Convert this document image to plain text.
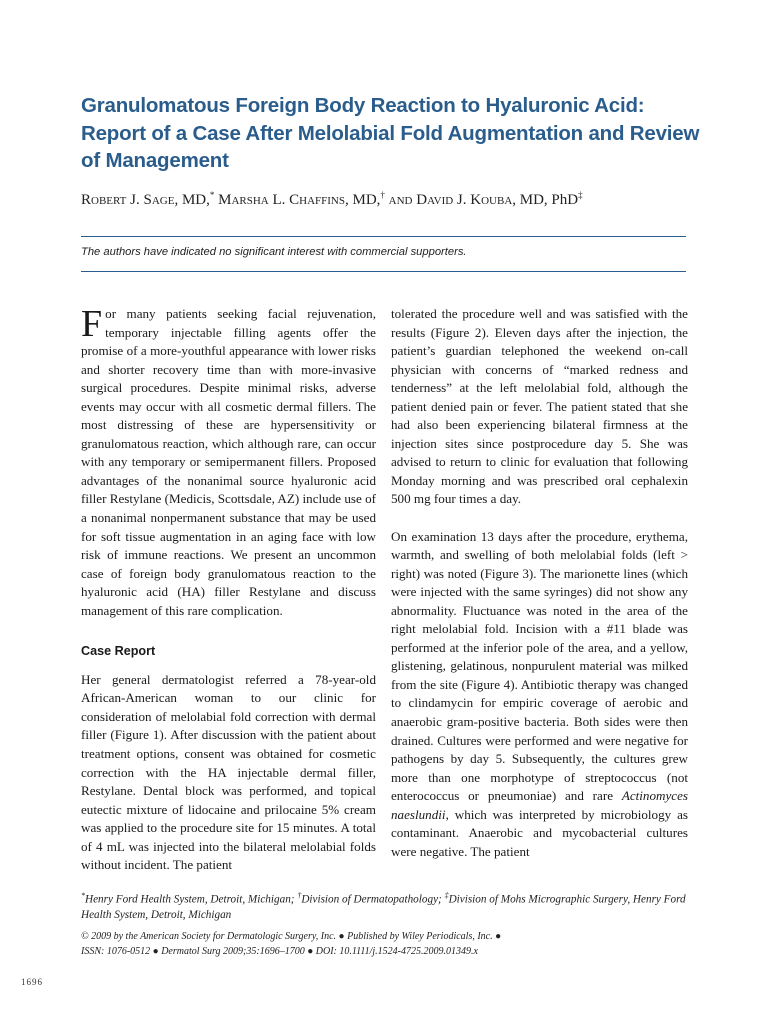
Granulomatous Foreign Body Reaction to Hyaluronic Acid: Report of a Case After Melolabial Fold Augmentation and Review of Management
Robert J. Sage, MD,* Marsha L. Chaffins, MD,† and David J. Kouba, MD, PhD‡
The authors have indicated no significant interest with commercial supporters.

For many patients seeking facial rejuvenation, temporary injectable filling agents offer the promise of a more-youthful appearance with lower risks and shorter recovery time than with more-invasive surgical procedures. Despite minimal risks, adverse events may occur with all cosmetic dermal fillers. The most distressing of these are hypersensitivity or granulomatous reaction, which although rare, can occur with any temporary or semipermanent fillers. Proposed advantages of the nonanimal source hyaluronic acid filler Restylane (Medicis, Scottsdale, AZ) include use of a nonanimal nonpermanent substance that may be used for soft tissue augmentation in an aging face with low risk of immune reactions. We present an uncommon case of foreign body granulomatous reaction to the hyaluronic acid (HA) filler Restylane and discuss management of this rare complication.

Case Report

Her general dermatologist referred a 78-year-old African-American woman to our clinic for consideration of melolabial fold correction with dermal filler (Figure 1). After discussion with the patient about treatment options, consent was obtained for cosmetic correction with the HA injectable dermal filler, Restylane. Dental block was performed, and topical eutectic mixture of lidocaine and prilocaine 5% cream was applied to the procedure site for 15 minutes. A total of 4 mL was injected into the bilateral melolabial folds without incident. The patient

tolerated the procedure well and was satisfied with the results (Figure 2). Eleven days after the injection, the patient’s guardian telephoned the weekend on-call physician with concerns of “marked redness and tenderness” at the left melolabial fold, although the patient denied pain or fever. The patient stated that she had also been experiencing bilateral firmness at the injection sites since postprocedure day 5. She was advised to return to clinic for evaluation that following Monday morning and was prescribed oral cephalexin 500 mg four times a day.

On examination 13 days after the procedure, erythema, warmth, and swelling of both melolabial folds (left > right) was noted (Figure 3). The marionette lines (which were injected with the same syringes) did not show any abnormality. Fluctuance was noted in the area of the right melolabial fold. Incision with a #11 blade was performed at the inferior pole of the area, and a yellow, glistening, gelatinous, nonpurulent material was milked from the site (Figure 4). Antibiotic therapy was changed to clindamycin for empiric coverage of aerobic and anaerobic gram-positive bacteria. Both sides were then drained. Cultures were performed and were negative for pathogens by day 5. Subsequently, the cultures grew more than one morphotype of streptococcus (not enterococcus or pneumoniae) and rare Actinomyces naeslundii, which was interpreted by microbiology as contaminant. Anaerobic and mycobacterial cultures were negative. The patient

*Henry Ford Health System, Detroit, Michigan; †Division of Dermatopathology; ‡Division of Mohs Micrographic Surgery, Henry Ford Health System, Detroit, Michigan
© 2009 by the American Society for Dermatologic Surgery, Inc. ● Published by Wiley Periodicals, Inc. ●
ISSN: 1076-0512 ● Dermatol Surg 2009;35:1696–1700 ● DOI: 10.1111/j.1524-4725.2009.01349.x
1696
